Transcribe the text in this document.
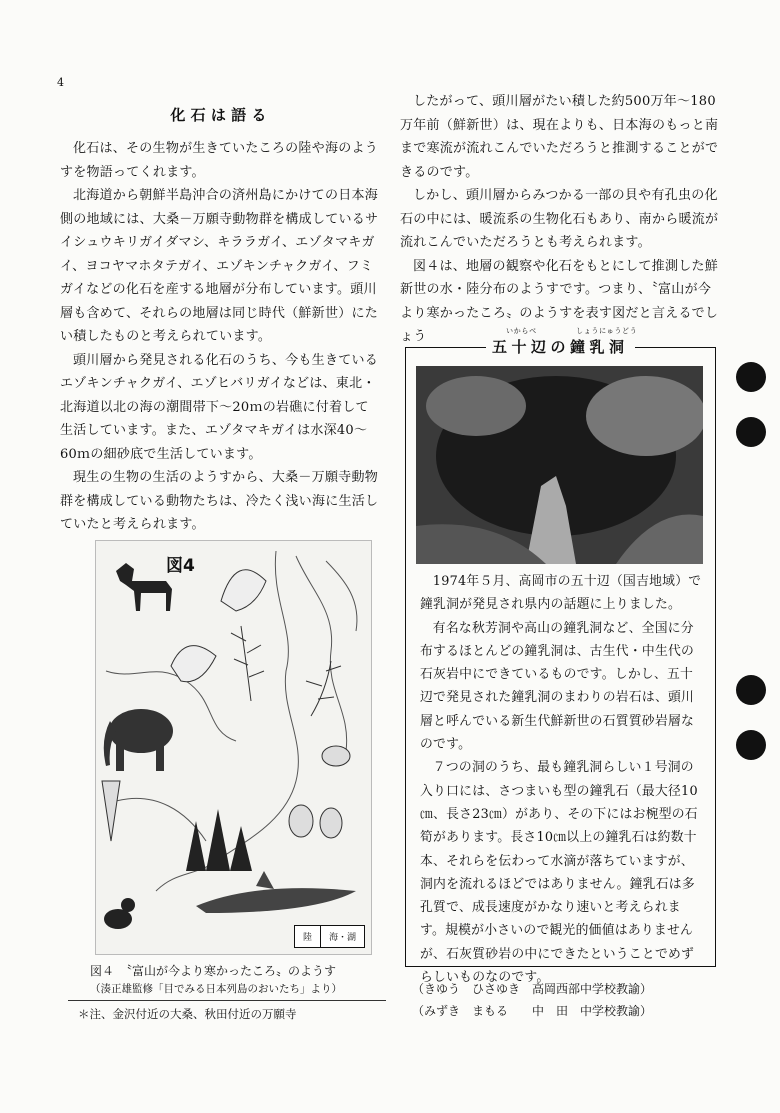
4
化石は語る

化石は、その生物が生きていたころの陸や海のようすを物語ってくれます。

北海道から朝鮮半島沖合の済州島にかけての日本海側の地域には、大桑－万願寺動物群を構成しているサイシュウキリガイダマシ、キララガイ、エゾタマキガイ、ヨコヤマホタテガイ、エゾキンチャクガイ、フミガイなどの化石を産する地層が分布しています。頭川層も含めて、それらの地層は同じ時代（鮮新世）にたい積したものと考えられています。

頭川層から発見される化石のうち、今も生きているエゾキンチャクガイ、エゾヒバリガイなどは、東北・北海道以北の海の潮間帯下～20ｍの岩礁に付着して生活しています。また、エゾタマキガイは水深40～60ｍの細砂底で生活しています。

現生の生物の生活のようすから、大桑－万願寺動物群を構成している動物たちは、冷たく浅い海に生活していたと考えられます。

図4
陸	海・湖
図４　〝富山が今より寒かったころ〟のようす
（湊正雄監修「目でみる日本列島のおいたち」より）
＊注、金沢付近の大桑、秋田付近の万願寺

したがって、頭川層がたい積した約500万年～180万年前（鮮新世）は、現在よりも、日本海のもっと南まで寒流が流れこんでいただろうと推測することができるのです。

しかし、頭川層からみつかる一部の貝や有孔虫の化石の中には、暖流系の生物化石もあり、南から暖流が流れこんでいただろうとも考えられます。

図４は、地層の観察や化石をもとにして推測した鮮新世の水・陸分布のようすです。つまり、〝富山が今より寒かったころ〟のようすを表す図だと言えるでしょう	いからべ	しょうにゅうどう
五十辺の鐘乳洞

1974年５月、高岡市の五十辺（国吉地域）で鐘乳洞が発見され県内の話題に上りました。

有名な秋芳洞や高山の鐘乳洞など、全国に分布するほとんどの鐘乳洞は、古生代・中生代の石灰岩中にできているものです。しかし、五十辺で発見された鐘乳洞のまわりの岩石は、頭川層と呼んでいる新生代鮮新世の石質質砂岩層なのです。

７つの洞のうち、最も鐘乳洞らしい１号洞の入り口には、さつまいも型の鐘乳石（最大径10㎝、長さ23㎝）があり、その下にはお椀型の石筍があります。長さ10㎝以上の鐘乳石は約数十本、それらを伝わって水滴が落ちていますが、洞内を流れるほどではありません。鐘乳石は多孔質で、成長速度がかなり速いと考えられます。規模が小さいので観光的価値はありませんが、石灰質砂岩の中にできたということでめずらしいものなのです。

（きゆう　ひさゆき　高岡西部中学校教諭）
（みずき　まもる　　中　田　中学校教諭）
